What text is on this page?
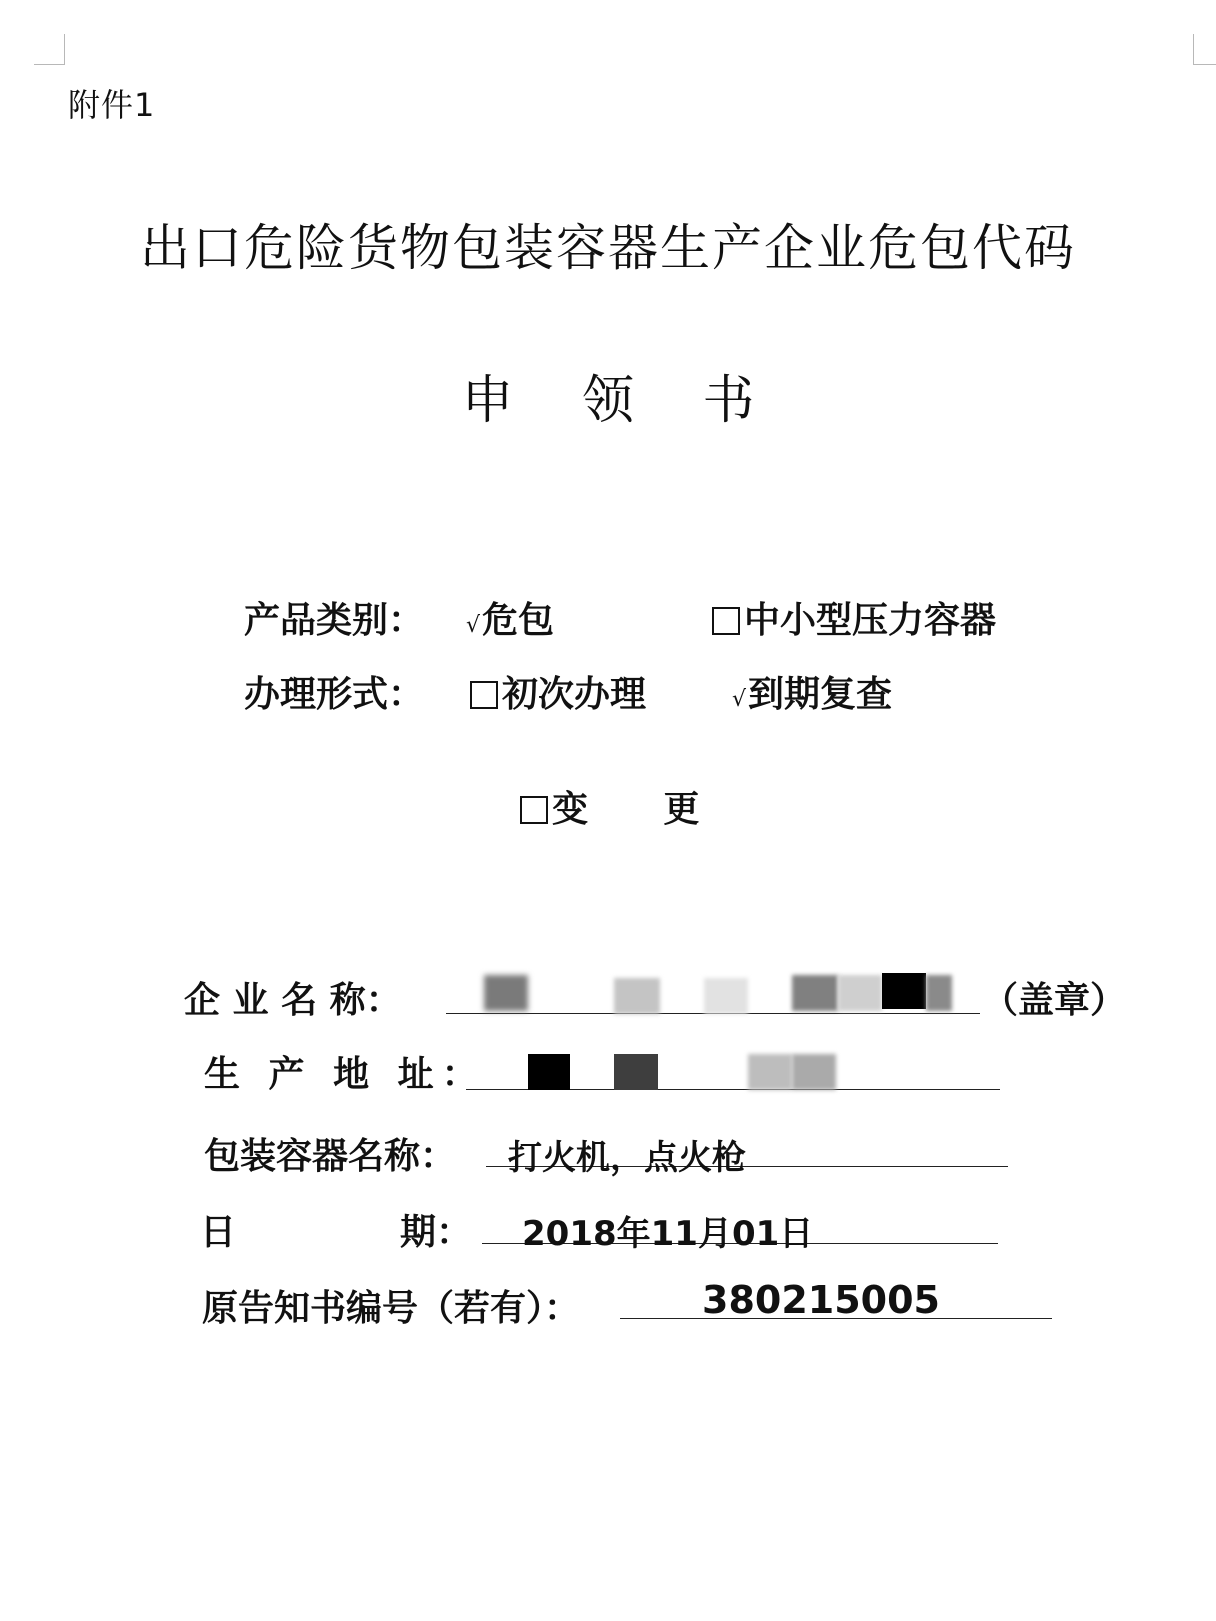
附件1
出口危险货物包装容器生产企业危包代码
申 领 书
产品类别： √危包	中小型压力容器
办理形式：	初次办理	√到期复查

变      更

企 业 名 称：	（盖章）
生 产 地 址：
包装容器名称： 打火机，点火枪
日	期： 2018年11月01日
原告知书编号（若有）：	380215005
